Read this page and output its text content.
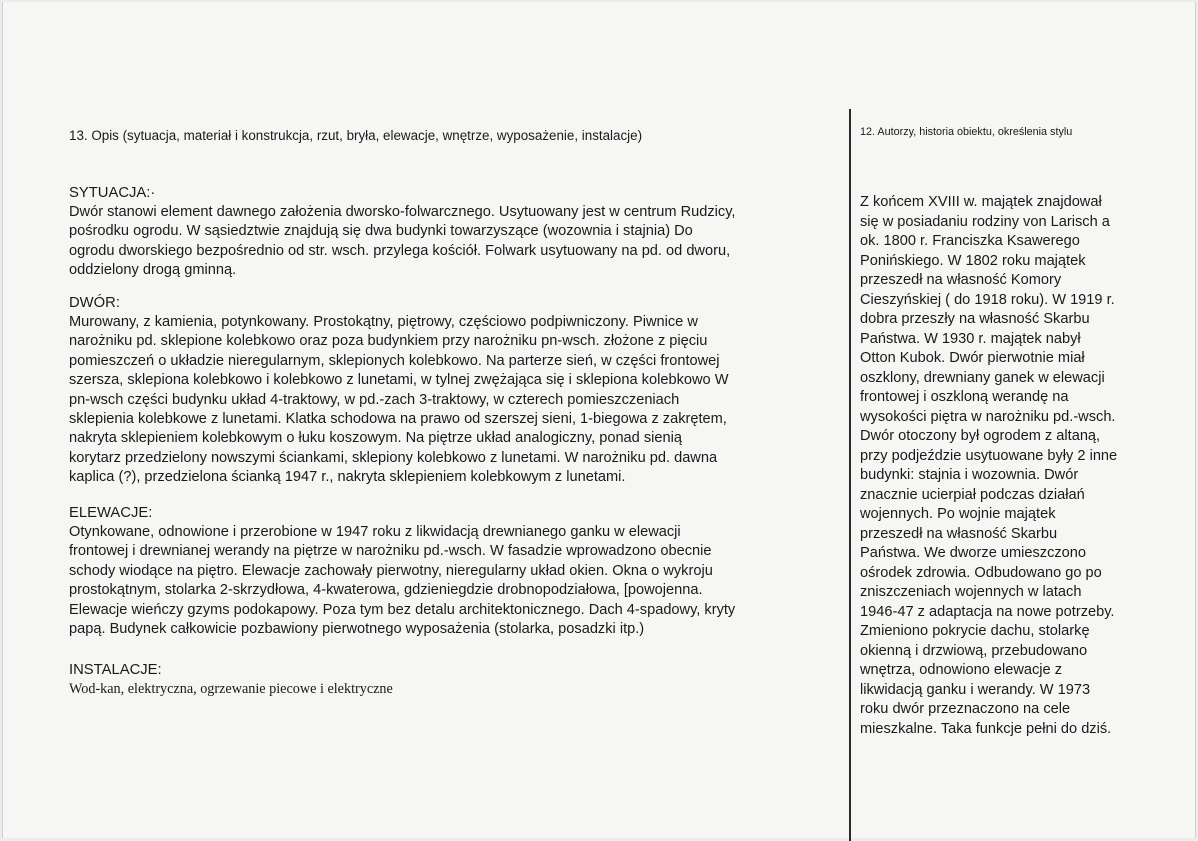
13. Opis (sytuacja, materiał i konstrukcja, rzut, bryła, elewacje, wnętrze, wyposażenie, instalacje)
SYTUACJA:·
Dwór stanowi element dawnego założenia dworsko-folwarcznego. Usytuowany jest w centrum Rudzicy,
pośrodku ogrodu. W sąsiedztwie znajdują się dwa budynki towarzyszące (wozownia i stajnia) Do
ogrodu dworskiego bezpośrednio od str. wsch. przylega kościół. Folwark usytuowany na pd. od dworu,
oddzielony drogą gminną.
DWÓR:
Murowany, z kamienia, potynkowany. Prostokątny, piętrowy, częściowo podpiwniczony. Piwnice w
narożniku pd. sklepione kolebkowo oraz poza budynkiem przy narożniku pn-wsch. złożone z pięciu
pomieszczeń o układzie nieregularnym, sklepionych kolebkowo. Na parterze sień, w części frontowej
szersza, sklepiona kolebkowo i kolebkowo z lunetami, w tylnej zwężająca się i sklepiona kolebkowo W
pn-wsch części budynku układ 4-traktowy, w pd.-zach 3-traktowy, w czterech pomieszczeniach
sklepienia kolebkowe z lunetami. Klatka schodowa na prawo od szerszej sieni, 1-biegowa z zakrętem,
nakryta sklepieniem kolebkowym o łuku koszowym. Na piętrze układ analogiczny, ponad sienią
korytarz przedzielony nowszymi ściankami, sklepiony kolebkowo z lunetami. W narożniku pd. dawna
kaplica (?), przedzielona ścianką 1947 r., nakryta sklepieniem kolebkowym z lunetami.
ELEWACJE:
Otynkowane, odnowione i przerobione w 1947 roku z likwidacją drewnianego ganku w elewacji
frontowej i drewnianej werandy na piętrze w narożniku pd.-wsch. W fasadzie wprowadzono obecnie
schody wiodące na piętro. Elewacje zachowały pierwotny, nieregularny układ okien. Okna o wykroju
prostokątnym, stolarka 2-skrzydłowa, 4-kwaterowa, gdzieniegdzie drobnopodziałowa, [powojenna.
Elewacje wieńczy gzyms podokapowy. Poza tym bez detalu architektonicznego. Dach 4-spadowy, kryty
papą. Budynek całkowicie pozbawiony pierwotnego wyposażenia (stolarka, posadzki itp.)
INSTALACJE:
Wod-kan, elektryczna, ogrzewanie piecowe i elektryczne
12. Autorzy, historia obiektu, określenia stylu
Z końcem XVIII w. majątek znajdował
się w posiadaniu rodziny von Larisch a
ok. 1800 r. Franciszka Ksawerego
Ponińskiego. W 1802 roku majątek
przeszedł na własność Komory
Cieszyńskiej ( do 1918 roku). W 1919 r.
dobra przeszły na własność Skarbu
Państwa. W 1930 r. majątek nabył
Otton Kubok. Dwór pierwotnie miał
oszklony, drewniany ganek w elewacji
frontowej i oszkloną werandę na
wysokości piętra w narożniku pd.-wsch.
Dwór otoczony był ogrodem z altaną,
przy podjeździe usytuowane były 2 inne
budynki: stajnia i wozownia. Dwór
znacznie ucierpiał podczas działań
wojennych. Po wojnie majątek
przeszedł na własność Skarbu
Państwa. We dworze umieszczono
ośrodek zdrowia. Odbudowano go po
zniszczeniach wojennych w latach
1946-47 z adaptacja na nowe potrzeby.
Zmieniono pokrycie dachu, stolarkę
okienną i drzwiową, przebudowano
wnętrza, odnowiono elewacje z
likwidacją ganku i werandy. W 1973
roku dwór przeznaczono na cele
mieszkalne. Taka funkcje pełni do dziś.
